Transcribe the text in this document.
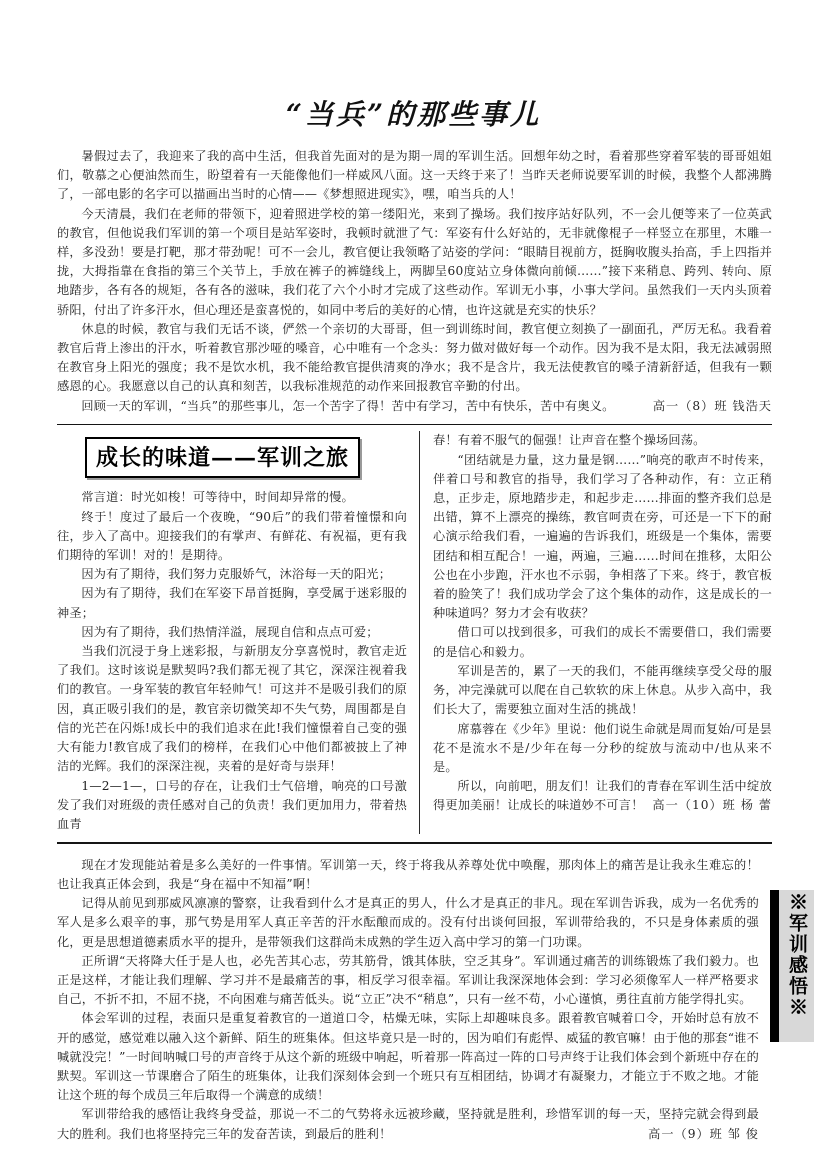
“当兵”的那些事儿

暑假过去了，我迎来了我的高中生活，但我首先面对的是为期一周的军训生活。回想年幼之时，看着那些穿着军装的哥哥姐姐们，敬慕之心便油然而生，盼望着有一天能像他们一样威风八面。这一天终于来了！当昨天老师说要军训的时候，我整个人都沸腾了，一部电影的名字可以描画出当时的心情——《梦想照进现实》，嘿，咱当兵的人！

今天清晨，我们在老师的带领下，迎着照进学校的第一缕阳光，来到了操场。我们按序站好队列，不一会儿便等来了一位英武的教官，但他说我们军训的第一个项目是站军姿时，我顿时就泄了气：军姿有什么好站的，无非就像棍子一样竖立在那里，木雕一样，多没劲！要是打靶，那才带劲呢！可不一会儿，教官便让我领略了站姿的学问：“眼睛目视前方，挺胸收腹头抬高，手上四指并拢，大拇指靠在食指的第三个关节上，手放在裤子的裤缝线上，两脚呈60度站立身体微向前倾……”接下来稍息、跨列、转向、原地踏步，各有各的规矩，各有各的滋味，我们花了六个小时才完成了这些动作。军训无小事，小事大学问。虽然我们一天内头顶着骄阳，付出了许多汗水，但心理还是蛮喜悦的，如同中考后的美好的心情，也许这就是充实的快乐？

休息的时候，教官与我们无话不谈，俨然一个亲切的大哥哥，但一到训练时间，教官便立刻换了一副面孔，严厉无私。我看着教官后背上渗出的汗水，听着教官那沙哑的嗓音，心中唯有一个念头：努力做对做好每一个动作。因为我不是太阳，我无法减弱照在教官身上阳光的强度；我不是饮水机，我不能给教官提供清爽的净水；我不是含片，我无法使教官的嗓子清新舒适，但我有一颗感恩的心。我愿意以自己的认真和刻苦，以我标准规范的动作来回报教官辛勤的付出。

回顾一天的军训，“当兵”的那些事儿，怎一个苦字了得！苦中有学习，苦中有快乐，苦中有奥义。	高一（8）班 钱浩天
成长的味道——军训之旅

常言道：时光如梭！可等待中，时间却异常的慢。

终于！度过了最后一个夜晚，“90后”的我们带着憧憬和向往，步入了高中。迎接我们的有掌声、有鲜花、有祝福，更有我们期待的军训！对的！是期待。

因为有了期待，我们努力克服娇气，沐浴每一天的阳光；

因为有了期待，我们在军姿下昂首挺胸，享受属于迷彩服的神圣；

因为有了期待，我们热情洋溢，展现自信和点点可爱；

当我们沉浸于身上迷彩报，与新朋友分享喜悦时，教官走近了我们。这时该说是默契吗?我们都无视了其它，深深注视着我们的教官。一身军装的教官年轻帅气！可这并不是吸引我们的原因，真正吸引我们的是，教官亲切微笑却不失气势，周围都是自信的光芒在闪烁!成长中的我们追求在此!我们憧憬着自己变的强大有能力!教官成了我们的榜样，在我们心中他们都被披上了神洁的光辉。我们的深深注视，夹着的是好奇与崇拜！

1—2—1—，口号的存在，让我们士气倍增，响亮的口号激发了我们对班级的责任感对自己的负责！我们更加用力，带着热血青

春！有着不服气的倔强！让声音在整个操场回荡。

“团结就是力量，这力量是钢……”响亮的歌声不时传来，伴着口号和教官的指导，我们学习了各种动作，有：立正稍息，正步走，原地踏步走，和起步走……排面的整齐我们总是出错，算不上漂亮的操练，教官呵责在旁，可还是一下下的耐心演示给我们看，一遍遍的告诉我们，班级是一个集体，需要团结和相互配合！一遍，两遍，三遍……时间在推移，太阳公公也在小步跑，汗水也不示弱，争相落了下来。终于，教官板着的脸笑了！我们成功学会了这个集体的动作，这是成长的一种味道吗？努力才会有收获？

借口可以找到很多，可我们的成长不需要借口，我们需要的是信心和毅力。

军训是苦的，累了一天的我们，不能再继续享受父母的服务，冲完澡就可以爬在自己软软的床上休息。从步入高中，我们长大了，需要独立面对生活的挑战！

席慕蓉在《少年》里说：他们说生命就是周而复始/可是昙花不是流水不是/少年在每一分秒的绽放与流动中/也从来不是。

所以，向前吧，朋友们！让我们的青春在军训生活中绽放得更加美丽！让成长的味道妙不可言！ 高一（10）班 杨 蕾

现在才发现能站着是多么美好的一件事情。军训第一天，终于将我从养尊处优中唤醒，那肉体上的痛苦是让我永生难忘的！也让我真正体会到，我是“身在福中不知福”啊！

记得从前见到那威风凛凛的警察，让我看到什么才是真正的男人，什么才是真正的非凡。现在军训告诉我，成为一名优秀的军人是多么艰辛的事，那气势是用军人真正辛苦的汗水酝酿而成的。没有付出谈何回报，军训带给我的，不只是身体素质的强化，更是思想道德素质水平的提升，是带领我们这群尚未成熟的学生迈入高中学习的第一门功课。

正所谓“天将降大任于是人也，必先苦其心志，劳其筋骨，饿其体肤，空乏其身”。军训通过痛苦的训练锻炼了我们毅力。也正是这样，才能让我们理解、学习并不是最痛苦的事，相反学习很幸福。军训让我深深地体会到：学习必须像军人一样严格要求自己，不折不扣，不屈不挠，不向困难与痛苦低头。说“立正”决不“稍息”，只有一丝不苟，小心谨慎，勇往直前方能学得扎实。

体会军训的过程，表面只是重复着教官的一道道口令，枯燥无味，实际上却趣味良多。跟着教官喊着口令，开始时总有放不开的感觉，感觉难以融入这个新鲜、陌生的班集体。但这毕竟只是一时的，因为咱们有彪悍、威猛的教官嘛！由于他的那套“谁不喊就没完！”一时间呐喊口号的声音终于从这个新的班级中响起，听着那一阵高过一阵的口号声终于让我们体会到个新班中存在的默契。军训这一节课磨合了陌生的班集体，让我们深刻体会到一个班只有互相团结，协调才有凝聚力，才能立于不败之地。才能让这个班的每个成员三年后取得一个满意的成绩！

军训带给我的感悟让我终身受益，那说一不二的气势将永远被珍藏，坚持就是胜利，珍惜军训的每一天，坚持完就会得到最大的胜利。我们也将坚持完三年的发奋苦读，到最后的胜利！	高一（9）班 邹 俊
※军训感悟※
